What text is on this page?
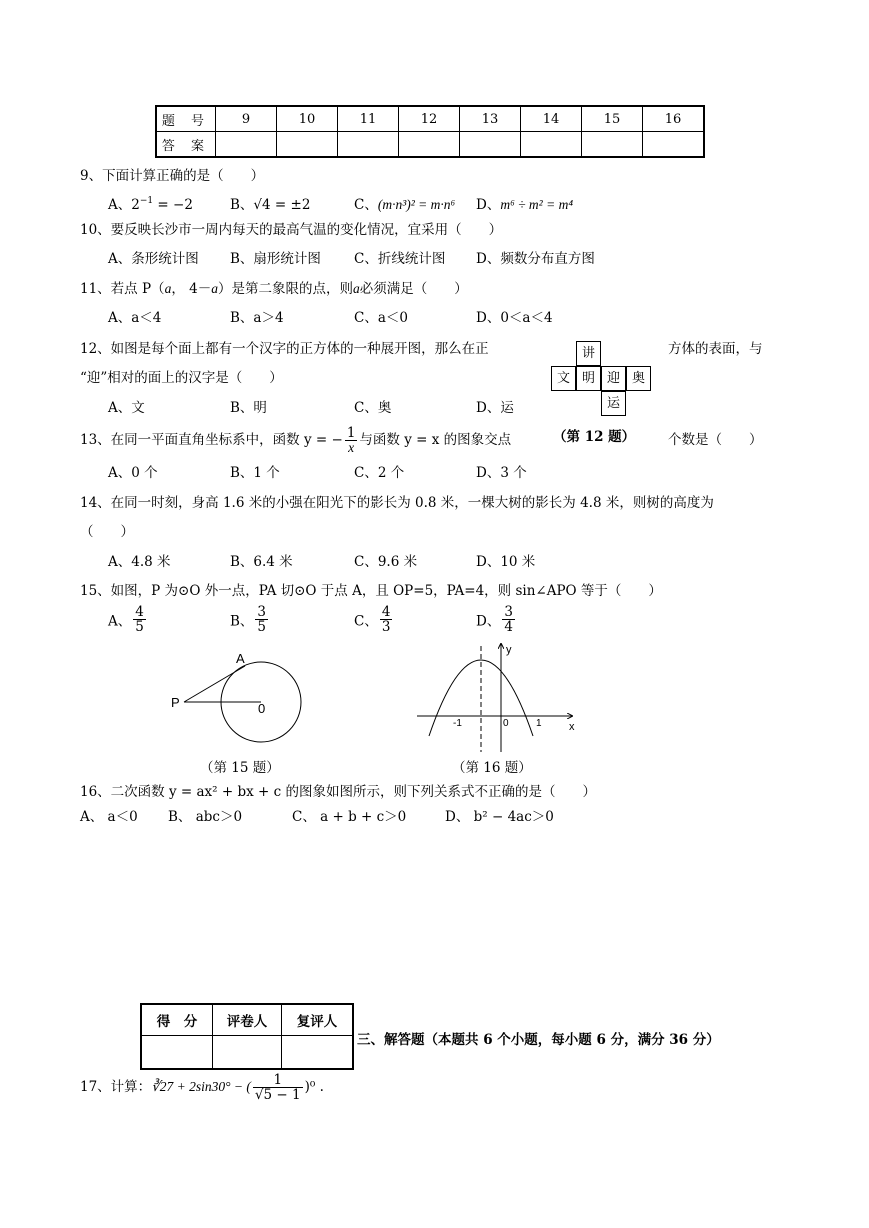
题 号	9	10	11	12	13	14	15	16
答 案								
9、下面计算正确的是（　　）
A、$2^{-1} = -2$	B、√4 = ±2	C、(m·n³)² = m·n⁶ D、m⁶ ÷ m² = m⁴
10、要反映长沙市一周内每天的最高气温的变化情况，宜采用（　　）
A、条形统计图 B、扇形统计图 C、折线统计图 D、频数分布直方图
11、若点 P（a， 4－a）是第二象限的点，则a必须满足（　　）
A、a＜4	B、a＞4	C、a＜0	D、0＜a＜4
12、如图是每个面上都有一个汉字的正方体的一种展开图，那么在正	方体的表面，与
“迎”相对的面上的汉字是（　　）
A、文	B、明	C、奥	D、运
讲
文 明 迎 奥
运
（第 12 题）
13、在同一平面直角坐标系中，函数 y = − $\frac{1}{x}$ 与函数 y = x 的图象交点	个数是（　　）
A、0 个	B、1 个	C、2 个	D、3 个
14、在同一时刻，身高 1.6 米的小强在阳光下的影长为 0.8 米，一棵大树的影长为 4.8 米，则树的高度为
（　　）
A、4.8 米	B、6.4 米	C、9.6 米	D、10 米
15、如图，P 为⊙O 外一点，PA 切⊙O 于点 A，且 OP=5，PA=4，则 sin∠APO 等于（　　）
A、 $\frac{4}{5}$	B、 $\frac{3}{5}$	C、 $\frac{4}{3}$	D、 $\frac{3}{4}$
A
P	0
（第 15 题）
x
y
-1	0	1
（第 16 题）
16、二次函数 y = ax² + bx + c 的图象如图所示，则下列关系式不正确的是（　　）
A、 a＜0 B、 abc＞0	C、 a + b + c＞0	D、 b² − 4ac＞0
得　分	评卷人	复评人

三、解答题（本题共 6 个小题，每小题 6 分，满分 36 分）
17、计算：∛27 + 2sin30° − ( $\frac{1}{√5 - 1} )^0$ .
